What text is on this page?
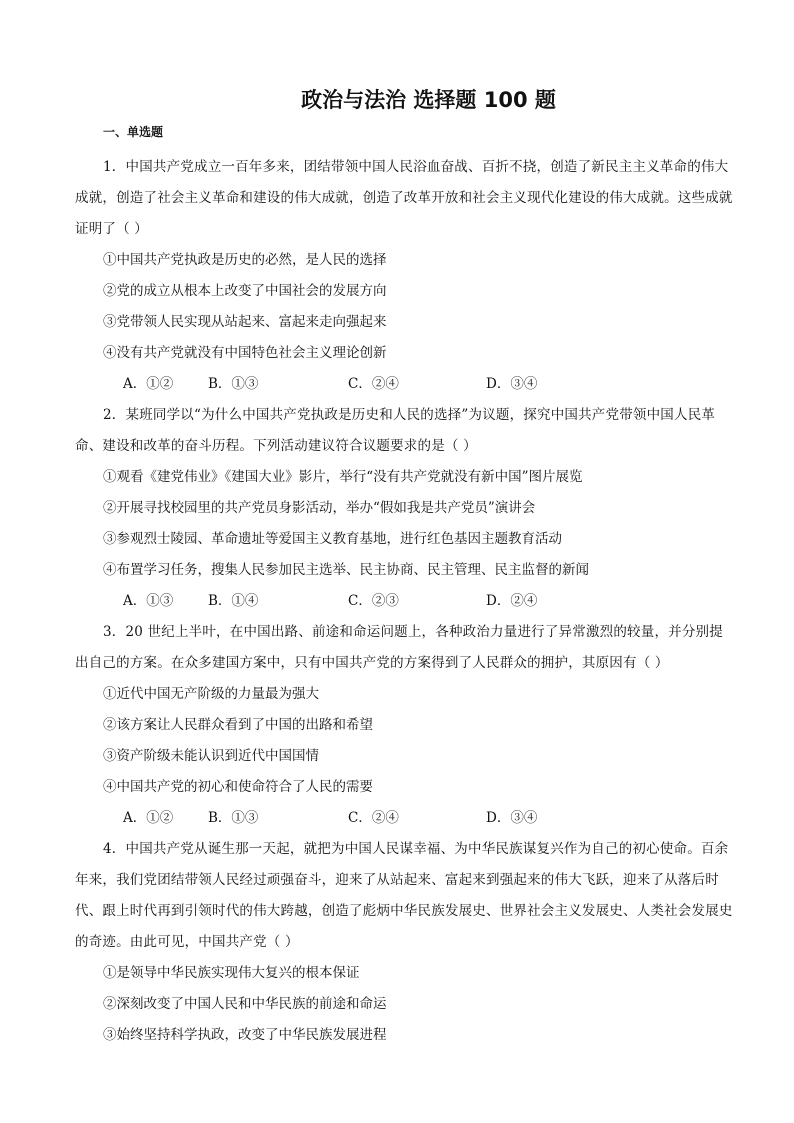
政治与法治 选择题 100 题
一、单选题

1．中国共产党成立一百年多来，团结带领中国人民浴血奋战、百折不挠，创造了新民主主义革命的伟大成就，创造了社会主义革命和建设的伟大成就，创造了改革开放和社会主义现代化建设的伟大成就。这些成就证明了（ ）

①中国共产党执政是历史的必然，是人民的选择
②党的成立从根本上改变了中国社会的发展方向
③党带领人民实现从站起来、富起来走向强起来
④没有共产党就没有中国特色社会主义理论创新
A．①②	B．①③	C．②④	D．③④

2．某班同学以“为什么中国共产党执政是历史和人民的选择”为议题，探究中国共产党带领中国人民革命、建设和改革的奋斗历程。下列活动建议符合议题要求的是（ ）

①观看《建党伟业》《建国大业》影片，举行“没有共产党就没有新中国”图片展览
②开展寻找校园里的共产党员身影活动，举办“假如我是共产党员”演讲会
③参观烈士陵园、革命遗址等爱国主义教育基地，进行红色基因主题教育活动
④布置学习任务，搜集人民参加民主选举、民主协商、民主管理、民主监督的新闻
A．①③	B．①④	C．②③	D．②④

3．20 世纪上半叶，在中国出路、前途和命运问题上，各种政治力量进行了异常激烈的较量，并分别提出自己的方案。在众多建国方案中，只有中国共产党的方案得到了人民群众的拥护，其原因有（ ）

①近代中国无产阶级的力量最为强大
②该方案让人民群众看到了中国的出路和希望
③资产阶级未能认识到近代中国国情
④中国共产党的初心和使命符合了人民的需要
A．①②	B．①③	C．②④	D．③④

4．中国共产党从诞生那一天起，就把为中国人民谋幸福、为中华民族谋复兴作为自己的初心使命。百余年来，我们党团结带领人民经过顽强奋斗，迎来了从站起来、富起来到强起来的伟大飞跃，迎来了从落后时代、跟上时代再到引领时代的伟大跨越，创造了彪炳中华民族发展史、世界社会主义发展史、人类社会发展史的奇迹。由此可见，中国共产党（ ）

①是领导中华民族实现伟大复兴的根本保证
②深刻改变了中国人民和中华民族的前途和命运
③始终坚持科学执政，改变了中华民族发展进程
